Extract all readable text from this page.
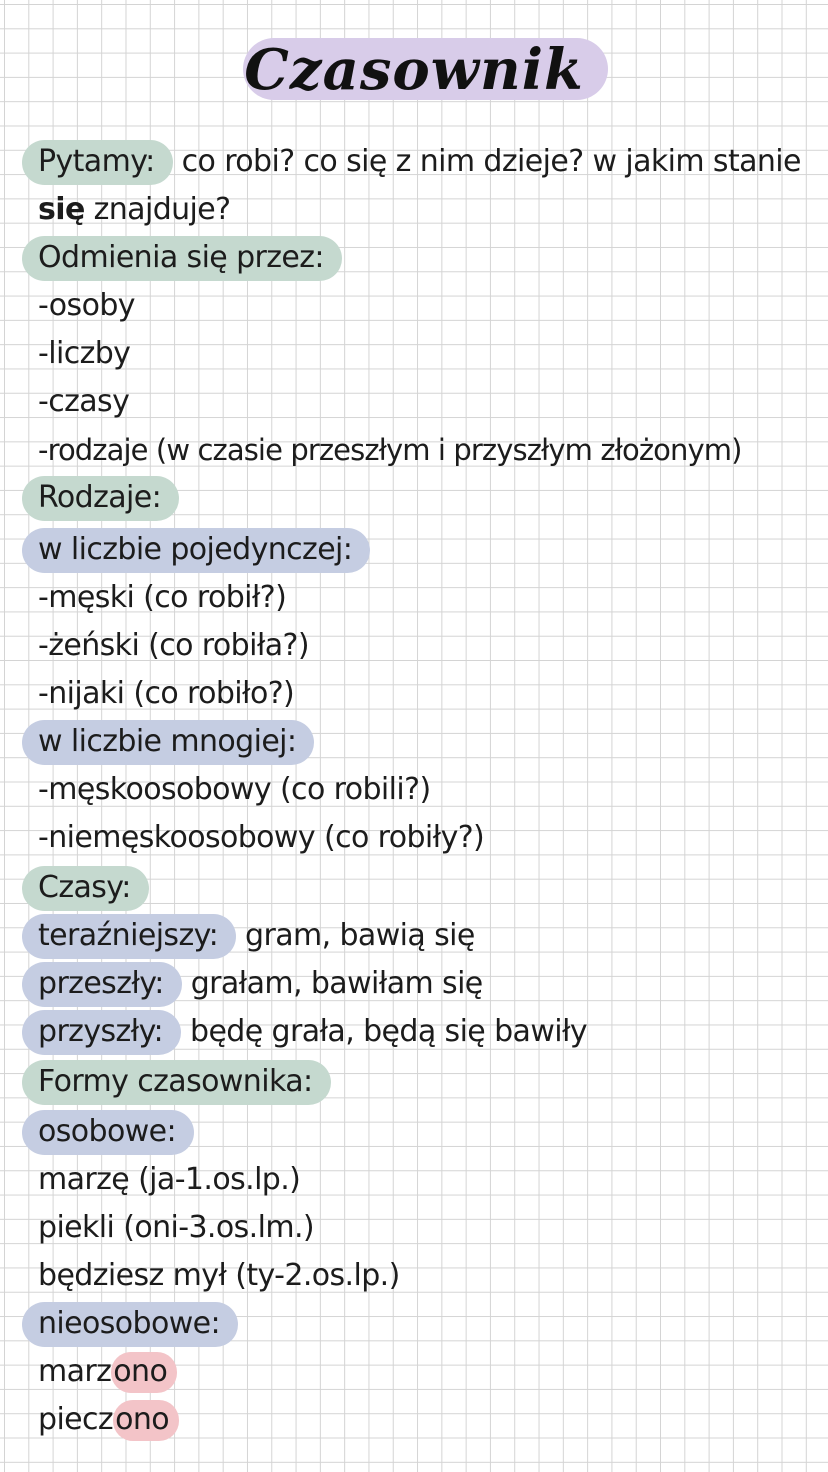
Czasownik
Pytamy: co robi? co się z nim dzieje? w jakim stanie
się znajduje?
Odmienia się przez:
-osoby
-liczby
-czasy
-rodzaje (w czasie przeszłym i przyszłym złożonym)
Rodzaje:
w liczbie pojedynczej:
-męski (co robił?)
-żeński (co robiła?)
-nijaki (co robiło?)
w liczbie mnogiej:
-męskoosobowy (co robili?)
-niemęskoosobowy (co robiły?)
Czasy:
teraźniejszy: gram, bawią się
przeszły: grałam, bawiłam się
przyszły: będę grała, będą się bawiły
Formy czasownika:
osobowe:
marzę (ja-1.os.lp.)
piekli (oni-3.os.lm.)
będziesz mył (ty-2.os.lp.)
nieosobowe:
marzono
pieczono
